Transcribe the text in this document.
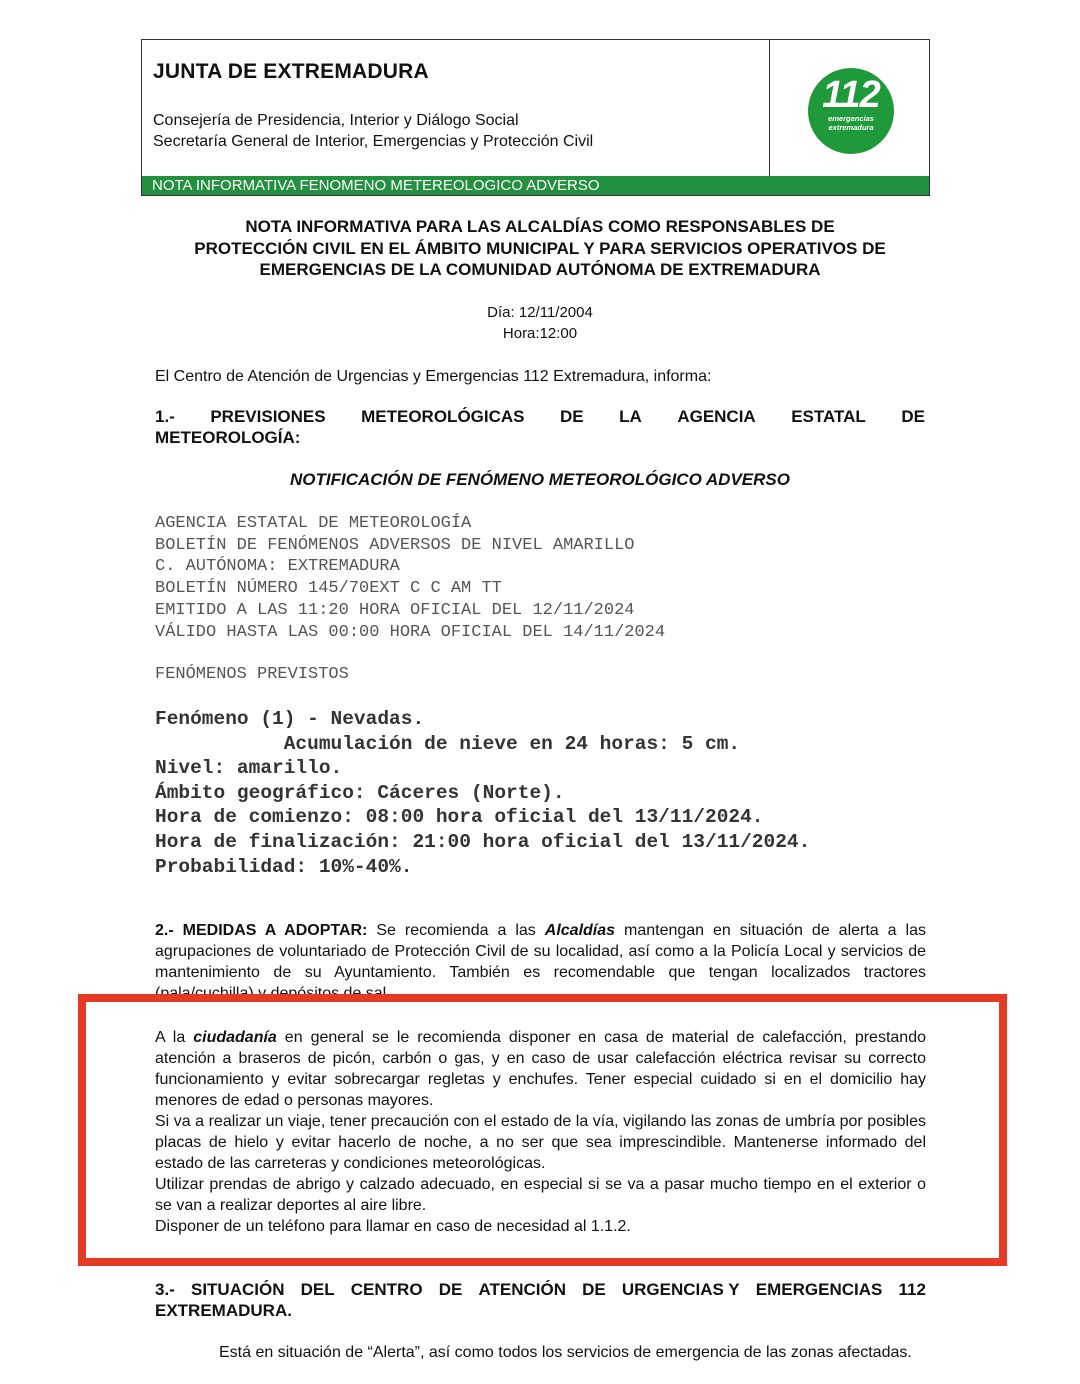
JUNTA DE EXTREMADURA
Consejería de Presidencia, Interior y Diálogo Social
Secretaría General de Interior, Emergencias y Protección Civil
112
emergencias
extremadura
NOTA INFORMATIVA FENOMENO METEREOLOGICO ADVERSO
NOTA INFORMATIVA PARA LAS ALCALDÍAS COMO RESPONSABLES DE
PROTECCIÓN CIVIL EN EL ÁMBITO MUNICIPAL Y PARA SERVICIOS OPERATIVOS DE
EMERGENCIAS DE LA COMUNIDAD AUTÓNOMA DE EXTREMADURA
Día: 12/11/2004
Hora:12:00
El Centro de Atención de Urgencias y Emergencias 112 Extremadura, informa:
1.- PREVISIONES METEOROLÓGICAS DE LA AGENCIA ESTATAL DE
METEOROLOGÍA:
NOTIFICACIÓN DE FENÓMENO METEOROLÓGICO ADVERSO
AGENCIA ESTATAL DE METEOROLOGÍA
BOLETÍN DE FENÓMENOS ADVERSOS DE NIVEL AMARILLO
C. AUTÓNOMA: EXTREMADURA
BOLETÍN NÚMERO 145/70EXT C C AM TT
EMITIDO A LAS 11:20 HORA OFICIAL DEL 12/11/2024
VÁLIDO HASTA LAS 00:00 HORA OFICIAL DEL 14/11/2024
FENÓMENOS PREVISTOS
Fenómeno (1) - Nevadas.
Acumulación de nieve en 24 horas: 5 cm.
Nivel: amarillo.
Ámbito geográfico: Cáceres (Norte).
Hora de comienzo: 08:00 hora oficial del 13/11/2024.
Hora de finalización: 21:00 hora oficial del 13/11/2024.
Probabilidad: 10%-40%.
2.- MEDIDAS A ADOPTAR: Se recomienda a las Alcaldías mantengan en situación de alerta a las agrupaciones de voluntariado de Protección Civil de su localidad, así como a la Policía Local y servicios de mantenimiento de su Ayuntamiento. También es recomendable que tengan localizados tractores (pala/cuchilla) y depósitos de sal.

A la ciudadanía en general se le recomienda disponer en casa de material de calefacción, prestando atención a braseros de picón, carbón o gas, y en caso de usar calefacción eléctrica revisar su correcto funcionamiento y evitar sobrecargar regletas y enchufes. Tener especial cuidado si en el domicilio hay menores de edad o personas mayores.

Si va a realizar un viaje, tener precaución con el estado de la vía, vigilando las zonas de umbría por posibles placas de hielo y evitar hacerlo de noche, a no ser que sea imprescindible. Mantenerse informado del estado de las carreteras y condiciones meteorológicas.

Utilizar prendas de abrigo y calzado adecuado, en especial si se va a pasar mucho tiempo en el exterior o se van a realizar deportes al aire libre.

Disponer de un teléfono para llamar en caso de necesidad al 1.1.2.

3.- SITUACIÓN DEL CENTRO DE ATENCIÓN DE URGENCIAS Y EMERGENCIAS 112
EXTREMADURA.
Está en situación de “Alerta”, así como todos los servicios de emergencia de las zonas afectadas.
